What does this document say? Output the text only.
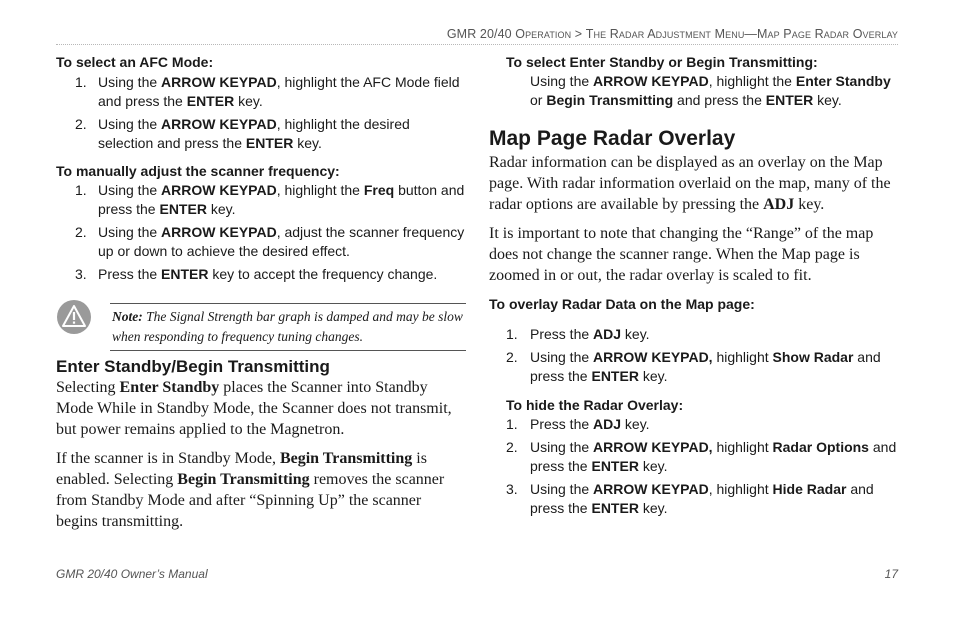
GMR 20/40 Operation > The Radar Adjustment Menu—Map Page Radar Overlay

To select an AFC Mode:

1. Using the ARROW KEYPAD, highlight the AFC Mode field and press the ENTER key.
2. Using the ARROW KEYPAD, highlight the desired selection and press the ENTER key.

To manually adjust the scanner frequency:

1. Using the ARROW KEYPAD, highlight the Freq button and press the ENTER key.
2. Using the ARROW KEYPAD, adjust the scanner frequency up or down to achieve the desired effect.
3. Press the ENTER key to accept the frequency change.
Note: The Signal Strength bar graph is damped and may be slow when responding to frequency tuning changes.

Enter Standby/Begin Transmitting

Selecting Enter Standby places the Scanner into Standby Mode While in Standby Mode, the Scanner does not transmit, but power remains applied to the Magnetron.

If the scanner is in Standby Mode, Begin Transmitting is enabled. Selecting Begin Transmitting removes the scanner from Standby Mode and after “Spinning Up” the scanner begins transmitting.

To select Enter Standby or Begin Transmitting:

Using the ARROW KEYPAD, highlight the Enter Standby or Begin Transmitting and press the ENTER key.

Map Page Radar Overlay

Radar information can be displayed as an overlay on the Map page. With radar information overlaid on the map, many of the radar options are available by pressing the ADJ key.

It is important to note that changing the “Range” of the map does not change the scanner range. When the Map page is zoomed in or out, the radar overlay is scaled to fit.

To overlay Radar Data on the Map page:

1. Press the ADJ key.
2. Using the ARROW KEYPAD, highlight Show Radar and press the ENTER key.

To hide the Radar Overlay:

1. Press the ADJ key.
2. Using the ARROW KEYPAD, highlight Radar Options and press the ENTER key.
3. Using the ARROW KEYPAD, highlight Hide Radar and press the ENTER key.
GMR 20/40 Owner’s Manual	17
